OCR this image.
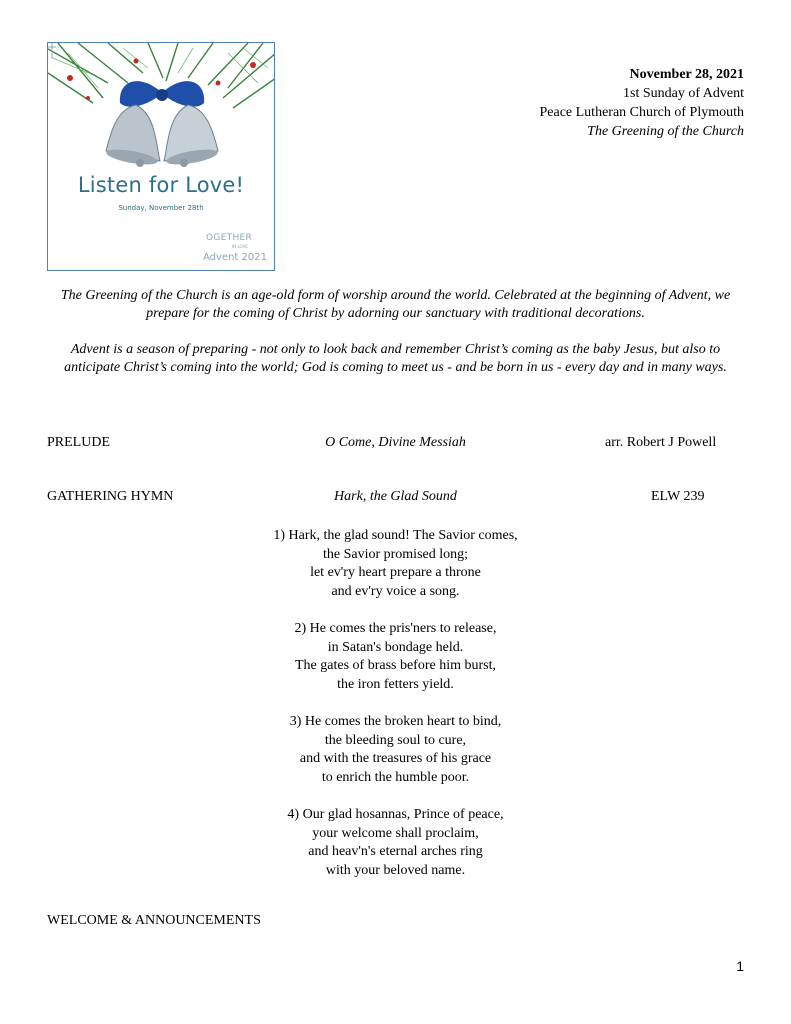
Listen for Love!
Sunday, November 28th
OGETHER
IN LOVE
Advent 2021
November 28, 2021
1st Sunday of Advent
Peace Lutheran Church of Plymouth
The Greening of the Church

The Greening of the Church is an age-old form of worship around the world. Celebrated at the beginning of Advent, we prepare for the coming of Christ by adorning our sanctuary with traditional decorations.

Advent is a season of preparing - not only to look back and remember Christ’s coming as the baby Jesus, but also to anticipate Christ’s coming into the world; God is coming to meet us - and be born in us - every day and in many ways.

PRELUDE	O Come, Divine Messiah	arr. Robert J Powell
GATHERING HYMN	Hark, the Glad Sound	ELW 239
1) Hark, the glad sound! The Savior comes,
the Savior promised long;
let ev'ry heart prepare a throne
and ev'ry voice a song.
2) He comes the pris'ners to release,
in Satan's bondage held.
The gates of brass before him burst,
the iron fetters yield.
3) He comes the broken heart to bind,
the bleeding soul to cure,
and with the treasures of his grace
to enrich the humble poor.
4) Our glad hosannas, Prince of peace,
your welcome shall proclaim,
and heav'n's eternal arches ring
with your beloved name.
WELCOME & ANNOUNCEMENTS
1
